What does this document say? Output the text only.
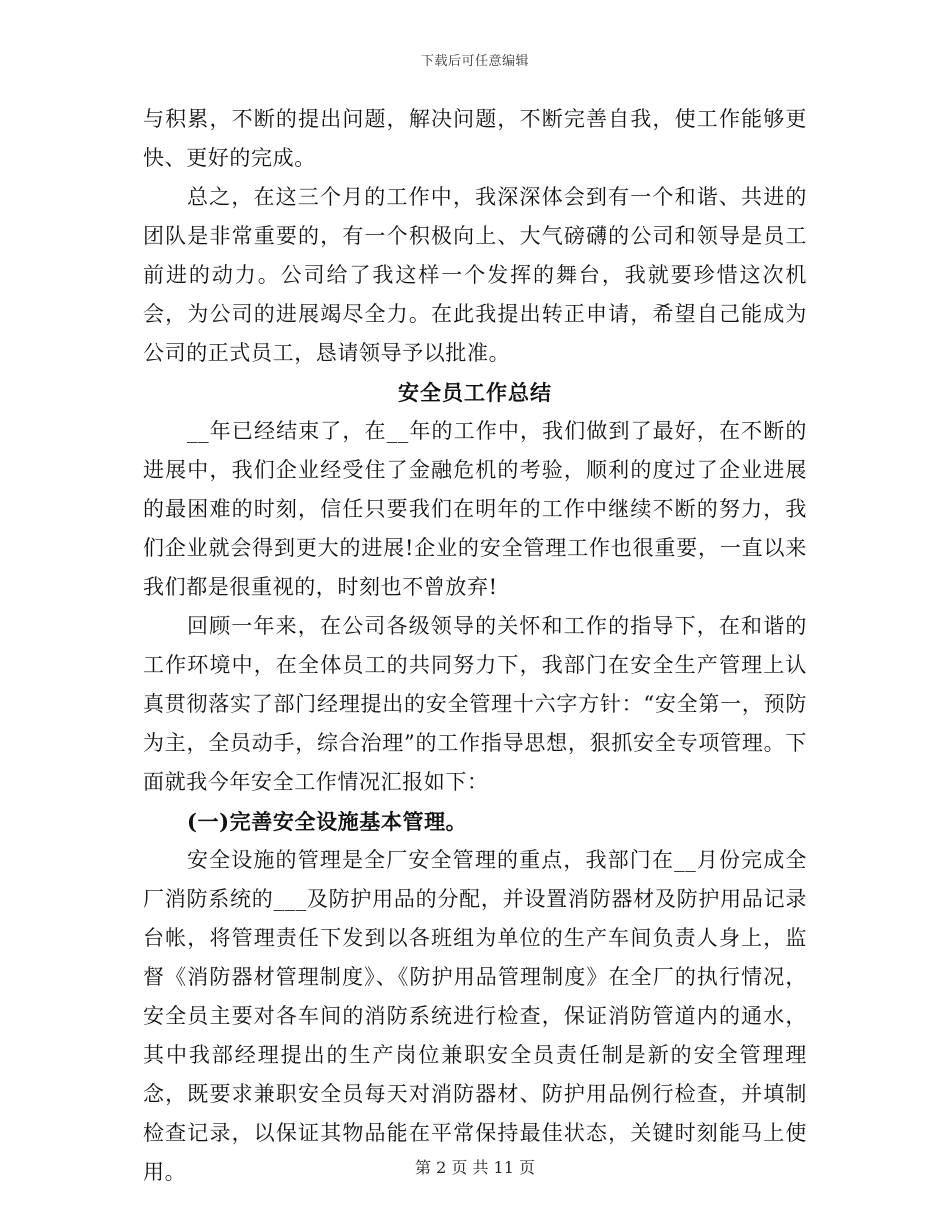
下载后可任意编辑

与积累，不断的提出问题，解决问题，不断完善自我，使工作能够更快、更好的完成。

总之，在这三个月的工作中，我深深体会到有一个和谐、共进的团队是非常重要的，有一个积极向上、大气磅礴的公司和领导是员工前进的动力。公司给了我这样一个发挥的舞台，我就要珍惜这次机会，为公司的进展竭尽全力。在此我提出转正申请，希望自己能成为公司的正式员工，恳请领导予以批准。

安全员工作总结

__年已经结束了，在__年的工作中，我们做到了最好，在不断的进展中，我们企业经受住了金融危机的考验，顺利的度过了企业进展的最困难的时刻，信任只要我们在明年的工作中继续不断的努力，我们企业就会得到更大的进展!企业的安全管理工作也很重要，一直以来我们都是很重视的，时刻也不曾放弃!

回顾一年来，在公司各级领导的关怀和工作的指导下，在和谐的工作环境中，在全体员工的共同努力下，我部门在安全生产管理上认真贯彻落实了部门经理提出的安全管理十六字方针：“安全第一，预防为主，全员动手，综合治理”的工作指导思想，狠抓安全专项管理。下面就我今年安全工作情况汇报如下：

(一)完善安全设施基本管理。

安全设施的管理是全厂安全管理的重点，我部门在__月份完成全厂消防系统的___及防护用品的分配，并设置消防器材及防护用品记录台帐，将管理责任下发到以各班组为单位的生产车间负责人身上，监督《消防器材管理制度》、《防护用品管理制度》在全厂的执行情况，安全员主要对各车间的消防系统进行检查，保证消防管道内的通水，其中我部经理提出的生产岗位兼职安全员责任制是新的安全管理理念，既要求兼职安全员每天对消防器材、防护用品例行检查，并填制检查记录，以保证其物品能在平常保持最佳状态，关键时刻能马上使用。	第 2 页 共 11 页
